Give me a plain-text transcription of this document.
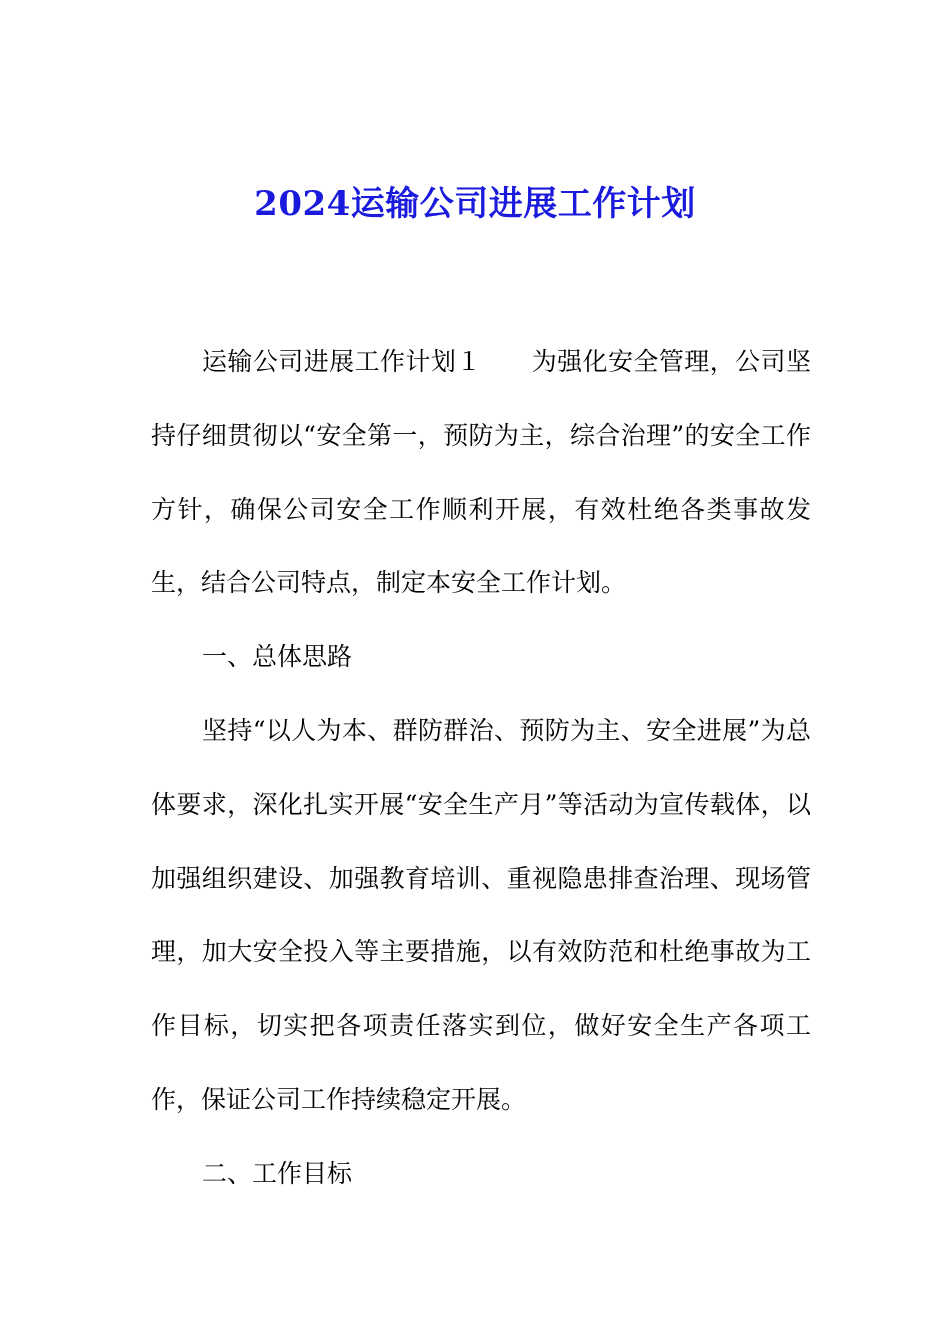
2024运输公司进展工作计划

运输公司进展工作计划１ 为强化安全管理，公司坚持仔细贯彻以“安全第一，预防为主，综合治理”的安全工作方针，确保公司安全工作顺利开展，有效杜绝各类事故发生，结合公司特点，制定本安全工作计划。

一、总体思路

坚持“以人为本、群防群治、预防为主、安全进展”为总体要求，深化扎实开展“安全生产月”等活动为宣传载体，以加强组织建设、加强教育培训、重视隐患排查治理、现场管理，加大安全投入等主要措施，以有效防范和杜绝事故为工作目标，切实把各项责任落实到位，做好安全生产各项工作，保证公司工作持续稳定开展。

二、工作目标
